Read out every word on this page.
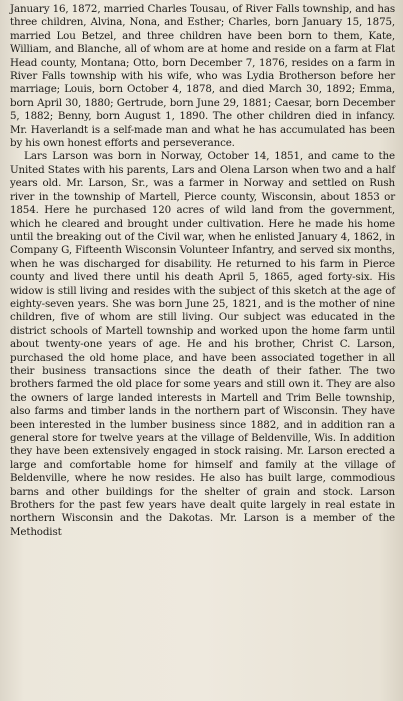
January 16, 1872, married Charles Tousau, of River Falls township, and has three children, Alvina, Nona, and Esther; Charles, born January 15, 1875, married Lou Betzel, and three children have been born to them, Kate, William, and Blanche, all of whom are at home and reside on a farm at Flat Head county, Montana; Otto, born December 7, 1876, resides on a farm in River Falls township with his wife, who was Lydia Brotherson before her marriage; Louis, born October 4, 1878, and died March 30, 1892; Emma, born April 30, 1880; Gertrude, born June 29, 1881; Caesar, born December 5, 1882; Benny, born August 1, 1890. The other children died in infancy. Mr. Haverlandt is a self-made man and what he has accumulated has been by his own honest efforts and perseverance.

Lars Larson was born in Norway, October 14, 1851, and came to the United States with his parents, Lars and Olena Larson when two and a half years old. Mr. Larson, Sr., was a farmer in Norway and settled on Rush river in the township of Martell, Pierce county, Wisconsin, about 1853 or 1854. Here he purchased 120 acres of wild land from the government, which he cleared and brought under cultivation. Here he made his home until the breaking out of the Civil war, when he enlisted January 4, 1862, in Company G, Fifteenth Wisconsin Volunteer Infantry, and served six months, when he was discharged for disability. He returned to his farm in Pierce county and lived there until his death April 5, 1865, aged forty-six. His widow is still living and resides with the subject of this sketch at the age of eighty-seven years. She was born June 25, 1821, and is the mother of nine children, five of whom are still living. Our subject was educated in the district schools of Martell township and worked upon the home farm until about twenty-one years of age. He and his brother, Christ C. Larson, purchased the old home place, and have been associated together in all their business transactions since the death of their father. The two brothers farmed the old place for some years and still own it. They are also the owners of large landed interests in Martell and Trim Belle township, also farms and timber lands in the northern part of Wisconsin. They have been interested in the lumber business since 1882, and in addition ran a general store for twelve years at the village of Beldenville, Wis. In addition they have been extensively engaged in stock raising. Mr. Larson erected a large and comfortable home for himself and family at the village of Beldenville, where he now resides. He also has built large, commodious barns and other buildings for the shelter of grain and stock. Larson Brothers for the past few years have dealt quite largely in real estate in northern Wisconsin and the Dakotas. Mr. Larson is a member of the Methodist
